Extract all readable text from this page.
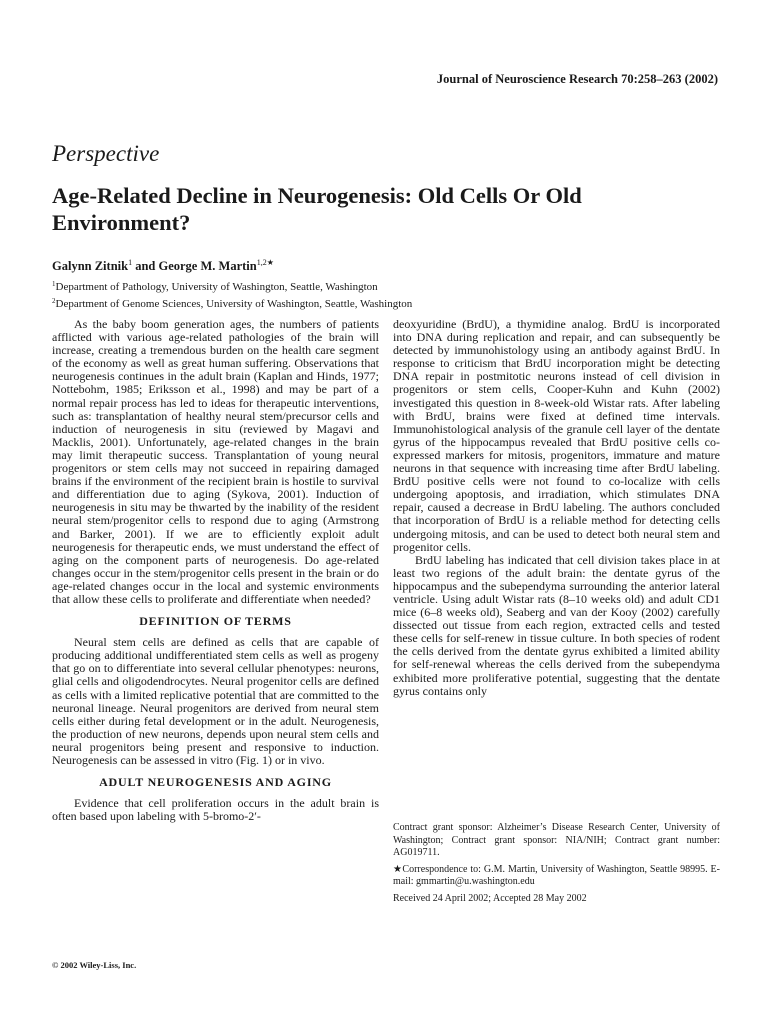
Journal of Neuroscience Research 70:258–263 (2002)
Perspective
Age-Related Decline in Neurogenesis: Old Cells Or Old Environment?
Galynn Zitnik$^1$ and George M. Martin$^{1,2★}$
$^1$Department of Pathology, University of Washington, Seattle, Washington
$^2$Department of Genome Sciences, University of Washington, Seattle, Washington

As the baby boom generation ages, the numbers of patients afflicted with various age-related pathologies of the brain will increase, creating a tremendous burden on the health care segment of the economy as well as great human suffering. Observations that neurogenesis continues in the adult brain (Kaplan and Hinds, 1977; Nottebohm, 1985; Eriksson et al., 1998) and may be part of a normal repair process has led to ideas for therapeutic interventions, such as: transplantation of healthy neural stem/precursor cells and induction of neurogenesis in situ (reviewed by Magavi and Macklis, 2001). Unfortunately, age-related changes in the brain may limit therapeutic success. Transplantation of young neural progenitors or stem cells may not succeed in repairing damaged brains if the environment of the recipient brain is hostile to survival and differentiation due to aging (Sykova, 2001). Induction of neurogenesis in situ may be thwarted by the inability of the resident neural stem/progenitor cells to respond due to aging (Armstrong and Barker, 2001). If we are to efficiently exploit adult neurogenesis for therapeutic ends, we must understand the effect of aging on the component parts of neurogenesis. Do age-related changes occur in the stem/progenitor cells present in the brain or do age-related changes occur in the local and systemic environments that allow these cells to proliferate and differentiate when needed?

DEFINITION OF TERMS

Neural stem cells are defined as cells that are capable of producing additional undifferentiated stem cells as well as progeny that go on to differentiate into several cellular phenotypes: neurons, glial cells and oligodendrocytes. Neural progenitor cells are defined as cells with a limited replicative potential that are committed to the neuronal lineage. Neural progenitors are derived from neural stem cells either during fetal development or in the adult. Neurogenesis, the production of new neurons, depends upon neural stem cells and neural progenitors being present and responsive to induction. Neurogenesis can be assessed in vitro (Fig. 1) or in vivo.

ADULT NEUROGENESIS AND AGING

Evidence that cell proliferation occurs in the adult brain is often based upon labeling with 5-bromo-2′-

deoxyuridine (BrdU), a thymidine analog. BrdU is incorporated into DNA during replication and repair, and can subsequently be detected by immunohistology using an antibody against BrdU. In response to criticism that BrdU incorporation might be detecting DNA repair in postmitotic neurons instead of cell division in progenitors or stem cells, Cooper-Kuhn and Kuhn (2002) investigated this question in 8-week-old Wistar rats. After labeling with BrdU, brains were fixed at defined time intervals. Immunohistological analysis of the granule cell layer of the dentate gyrus of the hippocampus revealed that BrdU positive cells co-expressed markers for mitosis, progenitors, immature and mature neurons in that sequence with increasing time after BrdU labeling. BrdU positive cells were not found to co-localize with cells undergoing apoptosis, and irradiation, which stimulates DNA repair, caused a decrease in BrdU labeling. The authors concluded that incorporation of BrdU is a reliable method for detecting cells undergoing mitosis, and can be used to detect both neural stem and progenitor cells.

BrdU labeling has indicated that cell division takes place in at least two regions of the adult brain: the dentate gyrus of the hippocampus and the subependyma surrounding the anterior lateral ventricle. Using adult Wistar rats (8–10 weeks old) and adult CD1 mice (6–8 weeks old), Seaberg and van der Kooy (2002) carefully dissected out tissue from each region, extracted cells and tested these cells for self-renew in tissue culture. In both species of rodent the cells derived from the dentate gyrus exhibited a limited ability for self-renewal whereas the cells derived from the subependyma exhibited more proliferative potential, suggesting that the dentate gyrus contains only

Contract grant sponsor: Alzheimer’s Disease Research Center, University of Washington; Contract grant sponsor: NIA/NIH; Contract grant number: AG019711.

★Correspondence to: G.M. Martin, University of Washington, Seattle 98995. E-mail: gmmartin@u.washington.edu

Received 24 April 2002; Accepted 28 May 2002

© 2002 Wiley-Liss, Inc.
